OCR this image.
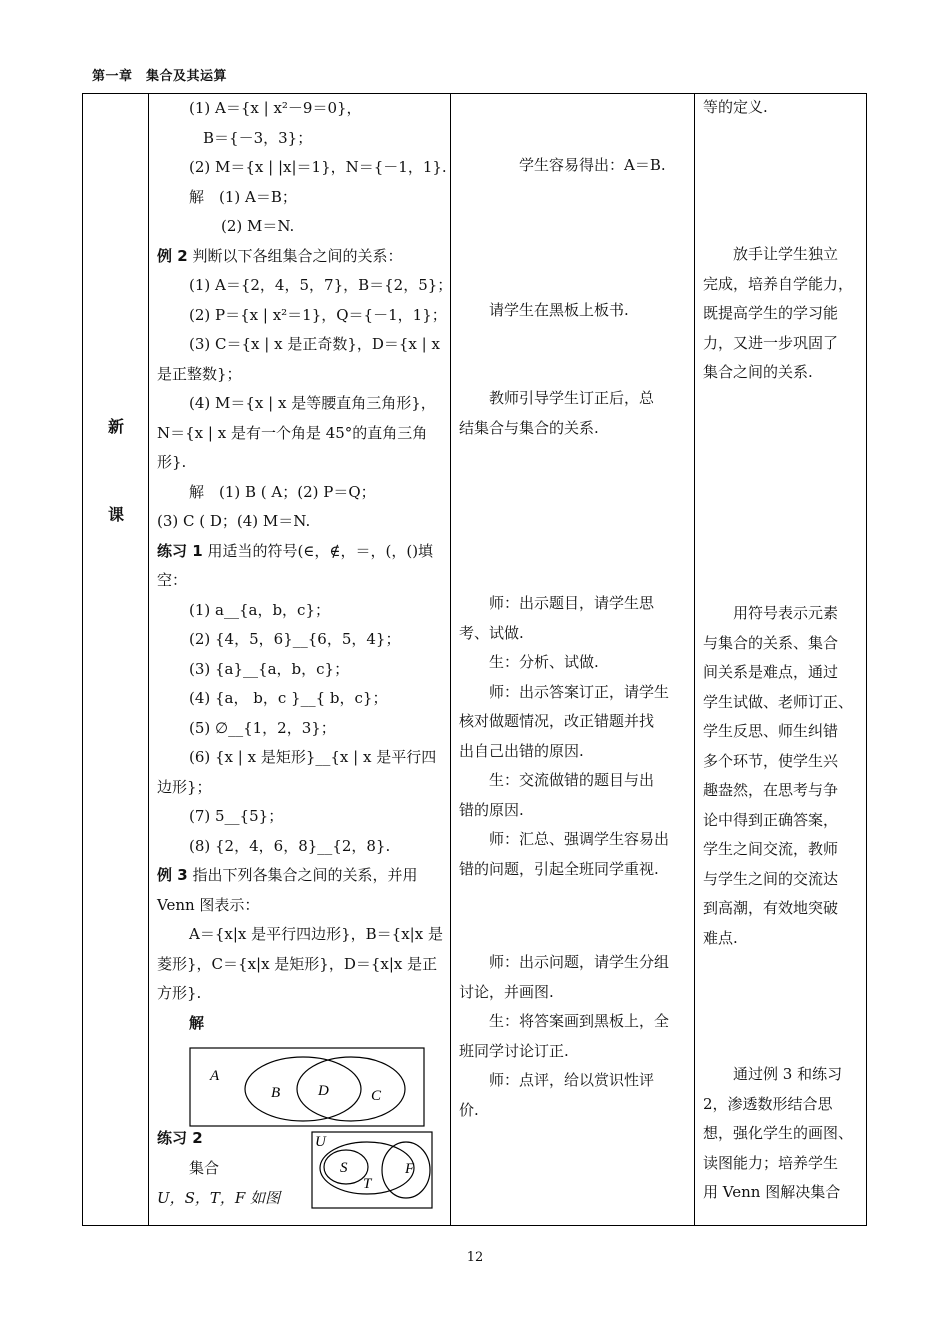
第一章　集合及其运算
新
课

(1) A＝{x | x²－9＝0}，
B＝{－3，3}；
(2) M＝{x | |x|＝1}，N＝{－1，1}.
解　(1) A＝B；
(2) M＝N.
例 2 判断以下各组集合之间的关系：
(1) A＝{2，4，5，7}，B＝{2，5}；
(2) P＝{x | x²＝1}，Q＝{－1，1}；
(3) C＝{x | x 是正奇数}，D＝{x | x
是正整数}；
(4) M＝{x | x 是等腰直角三角形}，
N＝{x | x 是有一个角是 45°的直角三角
形}.
解　(1) B ( A；(2) P＝Q；
(3) C ( D；(4) M＝N.
练习 1 用适当的符号(∈，∉，＝，(，()填
空：
(1) a__{a，b，c}；
(2) {4，5，6}__{6，5，4}；
(3) {a}__{a，b，c}；
(4) {a， b，c }__{ b，c}；
(5) ∅__{1，2，3}；
(6) {x | x 是矩形}__{x | x 是平行四
边形}；
(7) 5__{5}；
(8) {2，4，6，8}__{2，8}.
例 3 指出下列各集合之间的关系，并用
Venn 图表示：
A＝{x|x 是平行四边形}，B＝{x|x 是
菱形}，C＝{x|x 是矩形}，D＝{x|x 是正
方形}.
解
A
B	D	C
练习 2
集合
U，S，T，F 如图
U
S
T
F

学生容易得出：A＝B.
请学生在黑板上板书.
教师引导学生订正后，总
结集合与集合的关系.
师：出示题目，请学生思
考、试做.
生：分析、试做.
师：出示答案订正，请学生
核对做题情况，改正错题并找
出自己出错的原因.
生：交流做错的题目与出
错的原因.
师：汇总、强调学生容易出
错的问题，引起全班同学重视.
师：出示问题，请学生分组
讨论，并画图.
生：将答案画到黑板上，全
班同学讨论订正.
师：点评，给以赏识性评
价.

等的定义.
放手让学生独立
完成，培养自学能力，
既提高学生的学习能
力，又进一步巩固了
集合之间的关系.
用符号表示元素
与集合的关系、集合
间关系是难点，通过
学生试做、老师订正、
学生反思、师生纠错
多个环节，使学生兴
趣盎然，在思考与争
论中得到正确答案，
学生之间交流，教师
与学生之间的交流达
到高潮，有效地突破
难点.
通过例 3 和练习
2，渗透数形结合思
想，强化学生的画图、
读图能力；培养学生
用 Venn 图解决集合
12
